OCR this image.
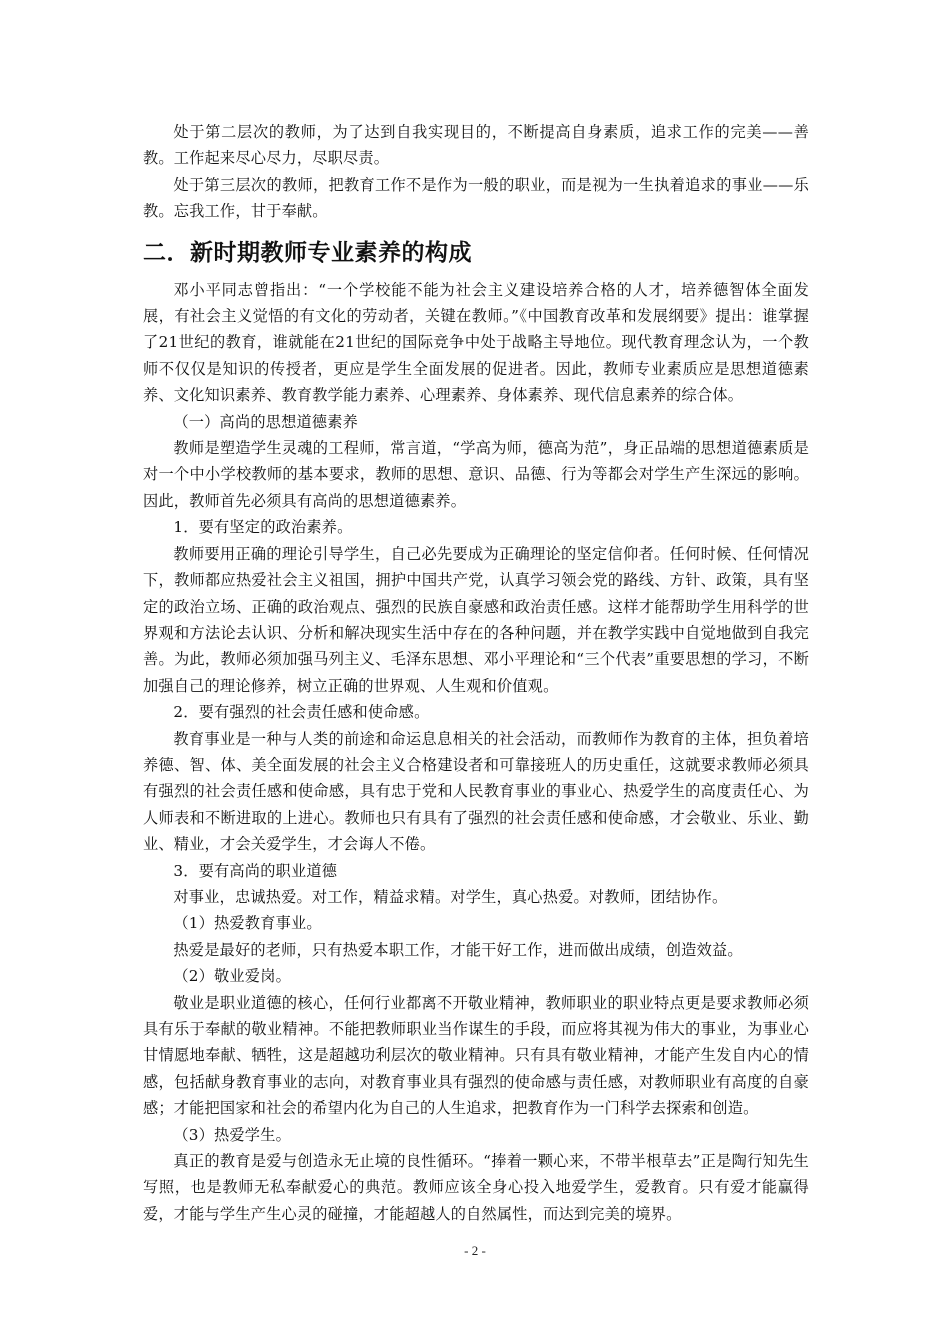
处于第二层次的教师，为了达到自我实现目的，不断提高自身素质，追求工作的完美——善教。工作起来尽心尽力，尽职尽责。

处于第三层次的教师，把教育工作不是作为一般的职业，而是视为一生执着追求的事业——乐教。忘我工作，甘于奉献。

二．新时期教师专业素养的构成

邓小平同志曾指出：“一个学校能不能为社会主义建设培养合格的人才，培养德智体全面发展，有社会主义觉悟的有文化的劳动者，关键在教师。”《中国教育改革和发展纲要》提出：谁掌握了21世纪的教育，谁就能在21世纪的国际竞争中处于战略主导地位。现代教育理念认为，一个教师不仅仅是知识的传授者，更应是学生全面发展的促进者。因此，教师专业素质应是思想道德素养、文化知识素养、教育教学能力素养、心理素养、身体素养、现代信息素养的综合体。

（一）高尚的思想道德素养

教师是塑造学生灵魂的工程师，常言道，“学高为师，德高为范”，身正品端的思想道德素质是对一个中小学校教师的基本要求，教师的思想、意识、品德、行为等都会对学生产生深远的影响。因此，教师首先必须具有高尚的思想道德素养。

1．要有坚定的政治素养。

教师要用正确的理论引导学生，自己必先要成为正确理论的坚定信仰者。任何时候、任何情况下，教师都应热爱社会主义祖国，拥护中国共产党，认真学习领会党的路线、方针、政策，具有坚定的政治立场、正确的政治观点、强烈的民族自豪感和政治责任感。这样才能帮助学生用科学的世界观和方法论去认识、分析和解决现实生活中存在的各种问题，并在教学实践中自觉地做到自我完善。为此，教师必须加强马列主义、毛泽东思想、邓小平理论和“三个代表”重要思想的学习，不断加强自己的理论修养，树立正确的世界观、人生观和价值观。

2．要有强烈的社会责任感和使命感。

教育事业是一种与人类的前途和命运息息相关的社会活动，而教师作为教育的主体，担负着培养德、智、体、美全面发展的社会主义合格建设者和可靠接班人的历史重任，这就要求教师必须具有强烈的社会责任感和使命感，具有忠于党和人民教育事业的事业心、热爱学生的高度责任心、为人师表和不断进取的上进心。教师也只有具有了强烈的社会责任感和使命感，才会敬业、乐业、勤业、精业，才会关爱学生，才会诲人不倦。

3．要有高尚的职业道德

对事业，忠诚热爱。对工作，精益求精。对学生，真心热爱。对教师，团结协作。

（1）热爱教育事业。

热爱是最好的老师，只有热爱本职工作，才能干好工作，进而做出成绩，创造效益。

（2）敬业爱岗。

敬业是职业道德的核心，任何行业都离不开敬业精神，教师职业的职业特点更是要求教师必须具有乐于奉献的敬业精神。不能把教师职业当作谋生的手段，而应将其视为伟大的事业，为事业心甘情愿地奉献、牺牲，这是超越功利层次的敬业精神。只有具有敬业精神，才能产生发自内心的情感，包括献身教育事业的志向，对教育事业具有强烈的使命感与责任感，对教师职业有高度的自豪感；才能把国家和社会的希望内化为自己的人生追求，把教育作为一门科学去探索和创造。

（3）热爱学生。

真正的教育是爱与创造永无止境的良性循环。“捧着一颗心来，不带半根草去”正是陶行知先生写照，也是教师无私奉献爱心的典范。教师应该全身心投入地爱学生，爱教育。只有爱才能赢得爱，才能与学生产生心灵的碰撞，才能超越人的自然属性，而达到完美的境界。

- 2 -
